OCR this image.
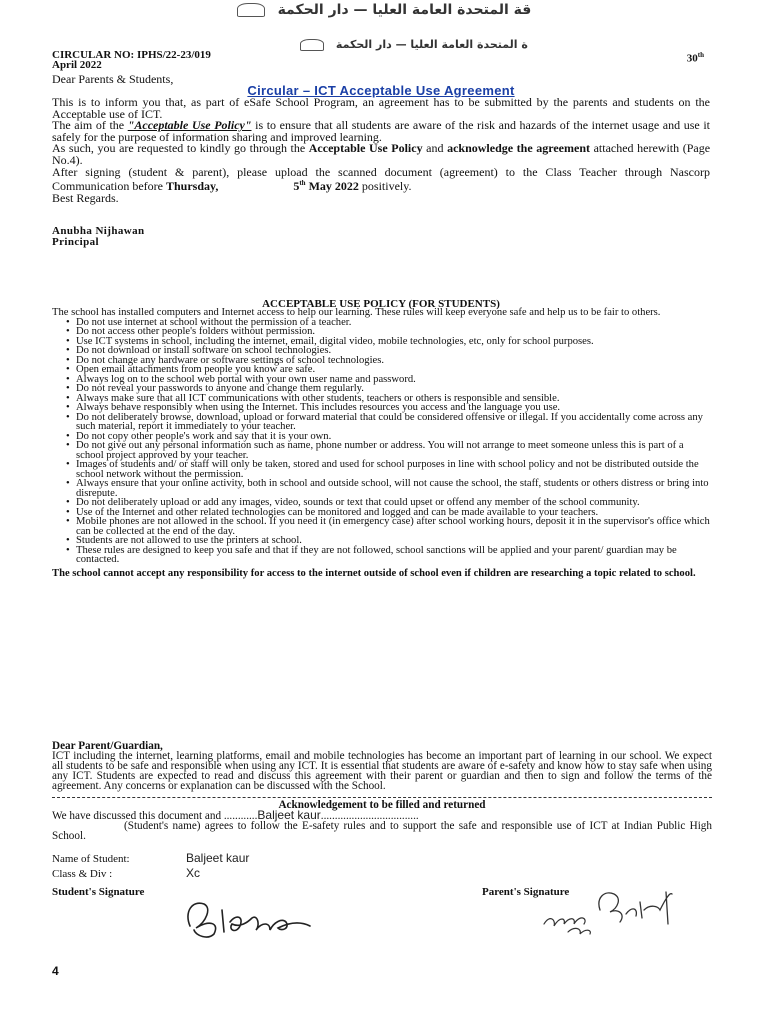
قة المتحدة العامة العليا — دار الحكمة
ة المتحدة العامة العليا — دار الحكمة
CIRCULAR NO: IPHS/22-23/019
April 2022
30th
Dear Parents & Students,
Circular – ICT Acceptable Use Agreement
This is to inform you that, as part of eSafe School Program, an agreement has to be submitted by the parents and students on the Acceptable use of ICT.
The aim of the "Acceptable Use Policy" is to ensure that all students are aware of the risk and hazards of the internet usage and use it safely for the purpose of information sharing and improved learning.
As such, you are requested to kindly go through the Acceptable Use Policy and acknowledge the agreement attached herewith (Page No.4).
After signing (student & parent), please upload the scanned document (agreement) to the Class Teacher through Nascorp Communication before Thursday,	5th May 2022 positively.
Best Regards.
Anubha Nijhawan
Principal
ACCEPTABLE USE POLICY (FOR STUDENTS)
The school has installed computers and Internet access to help our learning. These rules will keep everyone safe and help us to be fair to others.
• Do not use internet at school without the permission of a teacher.
• Do not access other people's folders without permission.
• Use ICT systems in school, including the internet, email, digital video, mobile technologies, etc, only for school purposes.
• Do not download or install software on school technologies.
• Do not change any hardware or software settings of school technologies.
• Open email attachments from people you know are safe.
• Always log on to the school web portal with your own user name and password.
• Do not reveal your passwords to anyone and change them regularly.
• Always make sure that all ICT communications with other students, teachers or others is responsible and sensible.
• Always behave responsibly when using the Internet. This includes resources you access and the language you use.
• Do not deliberately browse, download, upload or forward material that could be considered offensive or illegal. If you accidentally come across any such material, report it immediately to your teacher.
• Do not copy other people's work and say that it is your own.
• Do not give out any personal information such as name, phone number or address. You will not arrange to meet someone unless this is part of a school project approved by your teacher.
• Images of students and/ or staff will only be taken, stored and used for school purposes in line with school policy and not be distributed outside the school network without the permission.
• Always ensure that your online activity, both in school and outside school, will not cause the school, the staff, students or others distress or bring into disrepute.
• Do not deliberately upload or add any images, video, sounds or text that could upset or offend any member of the school community.
• Use of the Internet and other related technologies can be monitored and logged and can be made available to your teachers.
• Mobile phones are not allowed in the school. If you need it (in emergency case) after school working hours, deposit it in the supervisor's office which can be collected at the end of the day.
• Students are not allowed to use the printers at school.
• These rules are designed to keep you safe and that if they are not followed, school sanctions will be applied and your parent/ guardian may be contacted.
The school cannot accept any responsibility for access to the internet outside of school even if children are researching a topic related to school.
Dear Parent/Guardian,
ICT including the internet, learning platforms, email and mobile technologies has become an important part of learning in our school. We expect all students to be safe and responsible when using any ICT. It is essential that students are aware of e-safety and know how to stay safe when using any ICT. Students are expected to read and discuss this agreement with their parent or guardian and then to sign and follow the terms of the agreement. Any concerns or explanation can be discussed with the School.
Acknowledgement to be filled and returned
We have discussed this document and ............Baljeet kaur...................................
(Student's name) agrees to follow the E-safety rules and to support the safe and responsible use of ICT at Indian Public High School.
Name of Student:	Baljeet kaur
Class & Div :	Xc
Student's Signature	Parent's Signature
4
